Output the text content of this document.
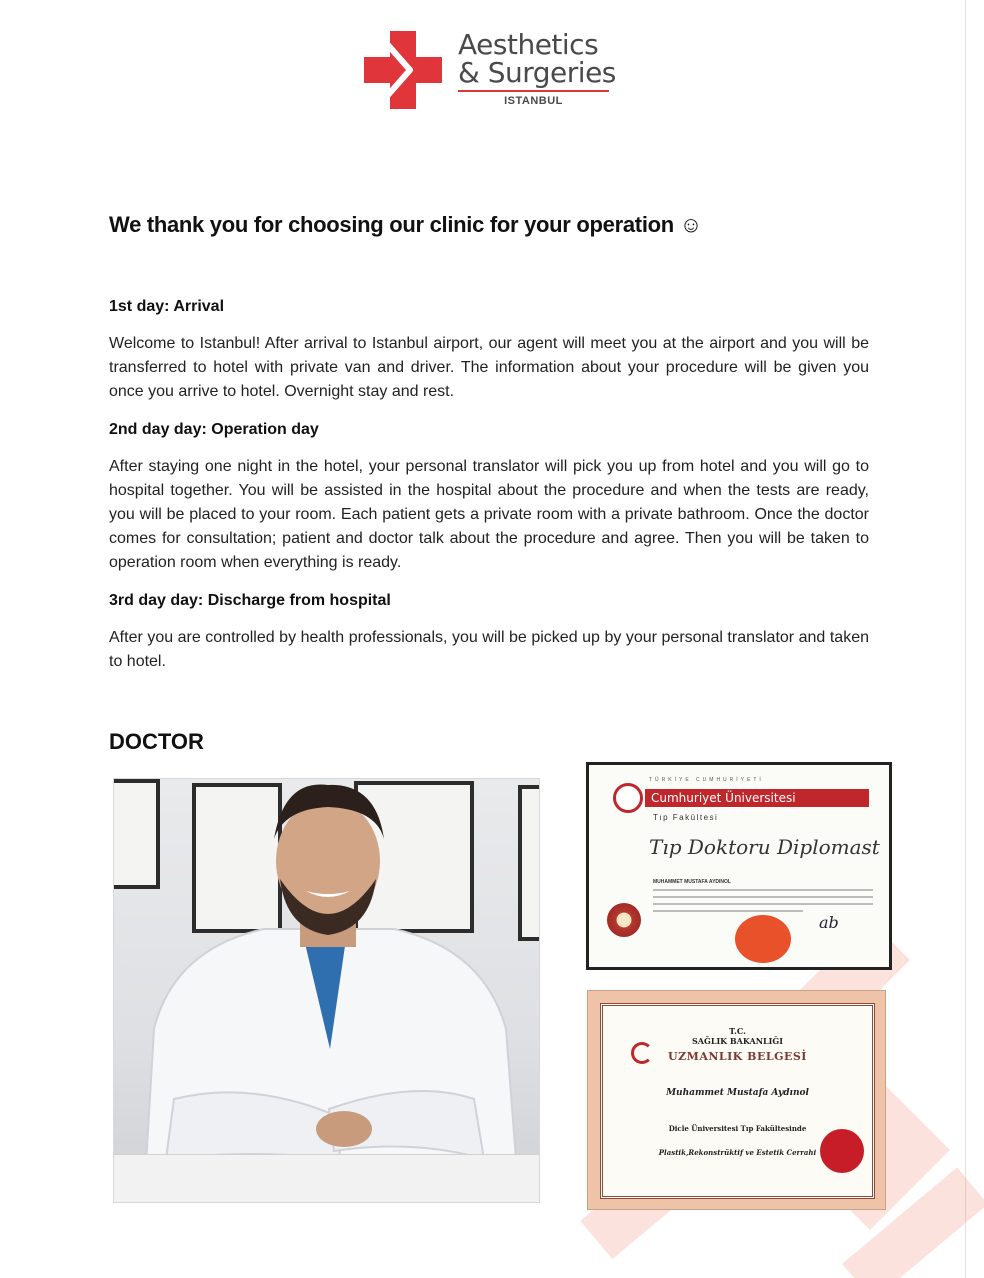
Aesthetics
& Surgeries
ISTANBUL
We thank you for choosing our clinic for your operation ☺
1st day: Arrival
Welcome to Istanbul! After arrival to Istanbul airport, our agent will meet you at the airport and you will be transferred to hotel with private van and driver. The information about your procedure will be given you once you arrive to hotel. Overnight stay and rest.
2nd day day: Operation day
After staying one night in the hotel, your personal translator will pick you up from hotel and you will go to hospital together. You will be assisted in the hospital about the procedure and when the tests are ready, you will be placed to your room. Each patient gets a private room with a private bathroom. Once the doctor comes for consultation; patient and doctor talk about the procedure and agree. Then you will be taken to operation room when everything is ready.
3rd day day: Discharge from hospital
After you are controlled by health professionals, you will be picked up by your personal translator and taken to hotel.
DOCTOR
TÜRKİYE CUMHURİYETİ
Cumhuriyet Üniversitesi
Tıp Fakültesi
Tıp Doktoru Diplomast
MUHAMMET MUSTAFA AYDINOL
ab
T.C.
SAĞLIK BAKANLIĞI
UZMANLIK BELGESİ
Muhammet Mustafa Aydınol
Dicle Üniversitesi Tıp Fakültesinde
Plastik,Rekonstrüktif ve Estetik Cerrahi
